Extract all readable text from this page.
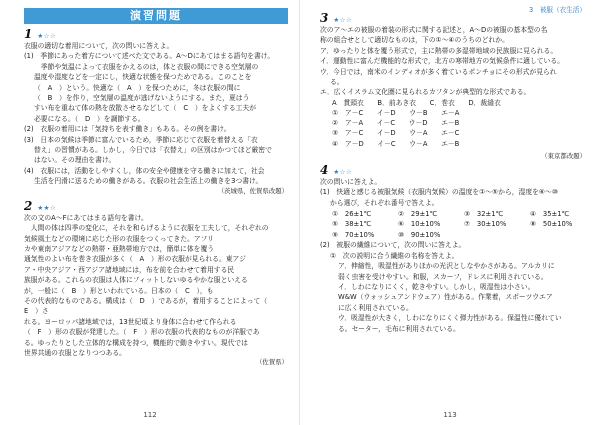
演習問題
1 ★☆☆

衣服の適切な着用について，次の問いに答えよ。

(1)　季節にあった着方について述べた文である。A～Dにあてはまる語句を書け。

　季節や気温によって衣服をかえるのは，体と衣服の間にできる空気層の

温度や湿度などを一定にし，快適な状態を保つためである。このことを

（　A　）という。快適な（　A　）を保つために，冬は衣服の間に

（　B　）を作り，空気層の温度が逃げないようにする。また，夏はう

すい布を重ねて体の熱を放散させるなどして（　C　）をよくする工夫が

必要になる。（　D　）を調節する。

(2)　衣服の着用には「気持ちを表す働き」もある。その例を書け。

(3)　日本の気候は季節に富んでいるため，季節に応じて衣服を着替える「衣

替え」の習慣がある。しかし，今日では「衣替え」の区別はかつてほど厳密で

はない。その理由を書け。

(4)　衣服には，活動をしやすくし，体の安全や健康を守る働きに加えて，社会

生活を円滑に送るための働きがある。衣服の社会生活上の働きを3つ書け。

（茨城県，佐賀県改題）
2 ★★☆

次の文のA～Fにあてはまる語句を書け。

　人間の体は四季の変化に，それを和らげるように衣服を工夫して，それぞれの

気候風土などの環境に応じた形の衣服をつくってきた。アフリ

カや東南アジアなどの熱帯・亜熱帯地方では，簡単に体を覆う

通気性のよい布を巻き衣服が多く（　A　）形の衣服が見られる。東アジ

ア・中央アジア・西アジア諸地域には，布を前を合わせて着用する民

族服がある。これらの衣服は人体にフィットしないゆるやかな服といえる

が，一般に（　B　）形といわれている。日本の（　C　），も

その代表的なものである。構成は（　D　）であるが，着用することによって（　E　）さ

れる。ヨーロッパ諸地域では，13世紀頃より身体に合わせて作られる

（　F　）形の衣服が発達した。（　F　）形の衣服の代表的なものが洋服であ

る。ゆったりとした立体的な構成を持つ，機能的で動きやすい。現代では

世界共通の衣服となりつつある。

（佐賀県）
112
3　被服（衣生活）
3 ★☆☆

次のア～エの被服の着装の形式に関する記述と，A～Dの被服の基本型の名

称の組合せとして適切なものは，下の①～④のうちのどれか。

ア．ゆったりと体を覆う形式で，主に熱帯の多湿帯地域の民族服に見られる。

イ．運動性に富んだ機能的な形式で，北方の寒帯地方の気候条件に適している。

ウ．今日では，南米のインディオが多く着ているポンチョにその形式が見られ

る。

エ．広くイスラム文化圏に見られるカフタンが典型的な形式である。

A　貫頭衣　　B．前あき衣　　C．巻衣　　D．裁縫衣
①　ア－C　　イ－D　　ウ－B　　エ－A
②　ア－A　　イ－C　　ウ－D　　エ－B
③　ア－C　　イ－D　　ウ－A　　エ－C
④　ア－D　　イ－C　　ウ－A　　エ－B
（東京都改題）
4 ★☆☆

次の問いに答えよ。

(1)　快適と感じる被服気候（衣服内気候）の温度を①～⑤から，湿度を⑥～⑩

から選び，それぞれ番号で答えよ。

①　26±1℃	②　29±1℃	③　32±1℃	④　35±1℃
⑤　38±1℃	⑥　10±10%	⑦　30±10%	⑧　50±10%
⑨　70±10%	⑩　90±10%

(2)　被服の繊維について，次の問いに答えよ。

①　次の説明に合う繊維の名称を答えよ。

ア．伸縮性，吸湿性がありほかの光沢としなやかさがある。アルカリに

弱く虫害を受けやすい。和服，スカーフ，ドレスに利用されている。

イ．しわになりにくく，乾きやすい。しかし，吸湿性は小さい。

W&W（ウォッシュアンドウェア）性がある。作業着，スポーツウエア

に広く利用されている。

ウ．吸湿性が大きく，しわになりにくく弾力性がある。保温性に優れてい

る。セーター，毛布に利用されている。

113
